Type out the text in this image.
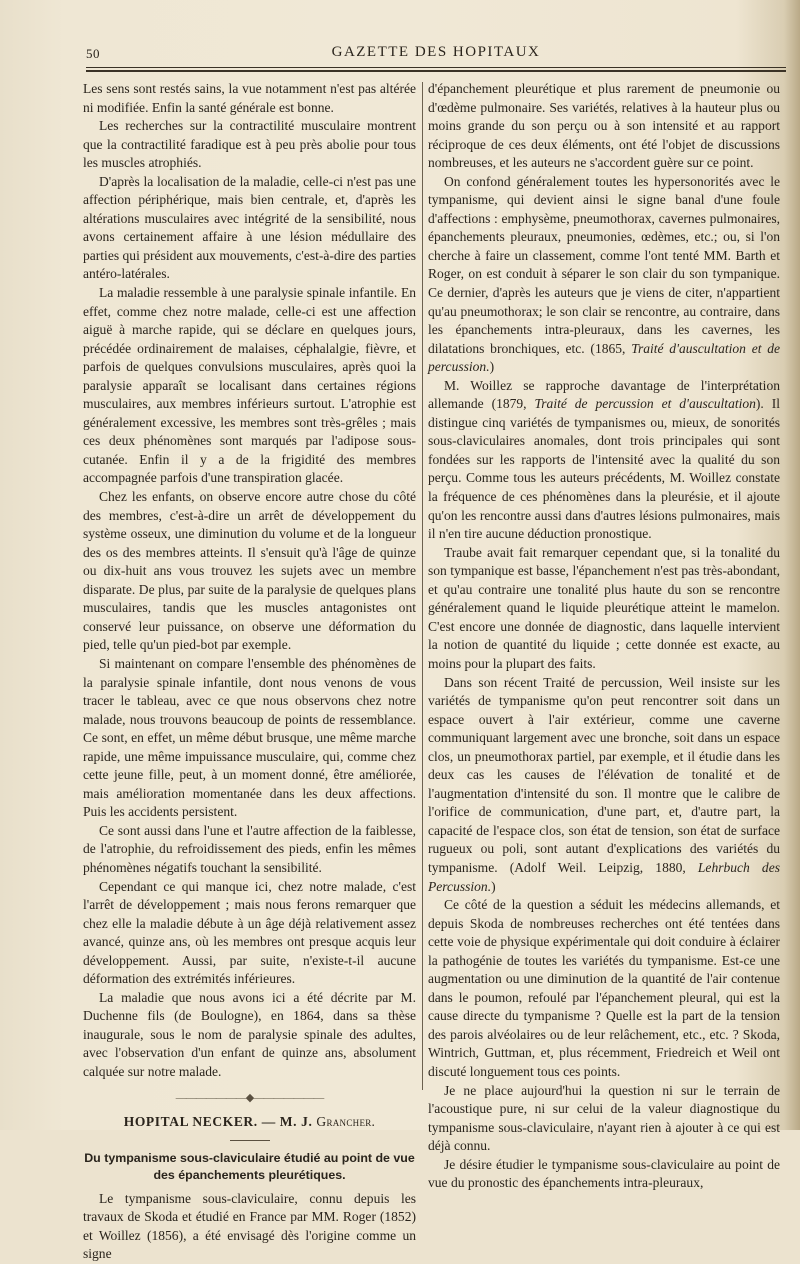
50	GAZETTE DES HOPITAUX

Les sens sont restés sains, la vue notamment n'est pas altérée ni modifiée. Enfin la santé générale est bonne.

Les recherches sur la contractilité musculaire montrent que la contractilité faradique est à peu près abolie pour tous les muscles atrophiés.

D'après la localisation de la maladie, celle-ci n'est pas une affection périphérique, mais bien centrale, et, d'après les altérations musculaires avec intégrité de la sensibilité, nous avons certainement affaire à une lésion médullaire des parties qui président aux mouvements, c'est-à-dire des parties antéro-latérales.

La maladie ressemble à une paralysie spinale infantile. En effet, comme chez notre malade, celle-ci est une affection aiguë à marche rapide, qui se déclare en quelques jours, précédée ordinairement de malaises, céphalalgie, fièvre, et parfois de quelques convulsions musculaires, après quoi la paralysie apparaît se localisant dans certaines régions musculaires, aux membres inférieurs surtout. L'atrophie est généralement excessive, les membres sont très-grêles ; mais ces deux phénomènes sont marqués par l'adipose sous-cutanée. Enfin il y a de la frigidité des membres accompagnée parfois d'une transpiration glacée.

Chez les enfants, on observe encore autre chose du côté des membres, c'est-à-dire un arrêt de développement du système osseux, une diminution du volume et de la longueur des os des membres atteints. Il s'ensuit qu'à l'âge de quinze ou dix-huit ans vous trouvez les sujets avec un membre disparate. De plus, par suite de la paralysie de quelques plans musculaires, tandis que les muscles antagonistes ont conservé leur puissance, on observe une déformation du pied, telle qu'un pied-bot par exemple.

Si maintenant on compare l'ensemble des phénomènes de la paralysie spinale infantile, dont nous venons de vous tracer le tableau, avec ce que nous observons chez notre malade, nous trouvons beaucoup de points de ressemblance. Ce sont, en effet, un même début brusque, une même marche rapide, une même impuissance musculaire, qui, comme chez cette jeune fille, peut, à un moment donné, être améliorée, mais amélioration momentanée dans les deux affections. Puis les accidents persistent.

Ce sont aussi dans l'une et l'autre affection de la faiblesse, de l'atrophie, du refroidissement des pieds, enfin les mêmes phénomènes négatifs touchant la sensibilité.

Cependant ce qui manque ici, chez notre malade, c'est l'arrêt de développement ; mais nous ferons remarquer que chez elle la maladie débute à un âge déjà relativement assez avancé, quinze ans, où les membres ont presque acquis leur développement. Aussi, par suite, n'existe-t-il aucune déformation des extrémités inférieures.

La maladie que nous avons ici a été décrite par M. Duchenne fils (de Boulogne), en 1864, dans sa thèse inaugurale, sous le nom de paralysie spinale des adultes, avec l'observation d'un enfant de quinze ans, absolument calquée sur notre malade.

———————◆———————
HOPITAL NECKER. — M. J. Grancher.
Du tympanisme sous-claviculaire étudié au point de vue des épanchements pleurétiques.

Le tympanisme sous-claviculaire, connu depuis les travaux de Skoda et étudié en France par MM. Roger (1852) et Woillez (1856), a été envisagé dès l'origine comme un signe

d'épanchement pleurétique et plus rarement de pneumonie ou d'œdème pulmonaire. Ses variétés, relatives à la hauteur plus ou moins grande du son perçu ou à son intensité et au rapport réciproque de ces deux éléments, ont été l'objet de discussions nombreuses, et les auteurs ne s'accordent guère sur ce point.

On confond généralement toutes les hypersonorités avec le tympanisme, qui devient ainsi le signe banal d'une foule d'affections : emphysème, pneumothorax, cavernes pulmonaires, épanchements pleuraux, pneumonies, œdèmes, etc.; ou, si l'on cherche à faire un classement, comme l'ont tenté MM. Barth et Roger, on est conduit à séparer le son clair du son tympanique. Ce dernier, d'après les auteurs que je viens de citer, n'appartient qu'au pneumothorax; le son clair se rencontre, au contraire, dans les épanchements intra-pleuraux, dans les cavernes, les dilatations bronchiques, etc. (1865, Traité d'auscultation et de percussion.)

M. Woillez se rapproche davantage de l'interprétation allemande (1879, Traité de percussion et d'auscultation). Il distingue cinq variétés de tympanismes ou, mieux, de sonorités sous-claviculaires anomales, dont trois principales qui sont fondées sur les rapports de l'intensité avec la qualité du son perçu. Comme tous les auteurs précédents, M. Woillez constate la fréquence de ces phénomènes dans la pleurésie, et il ajoute qu'on les rencontre aussi dans d'autres lésions pulmonaires, mais il n'en tire aucune déduction pronostique.

Traube avait fait remarquer cependant que, si la tonalité du son tympanique est basse, l'épanchement n'est pas très-abondant, et qu'au contraire une tonalité plus haute du son se rencontre généralement quand le liquide pleurétique atteint le mamelon. C'est encore une donnée de diagnostic, dans laquelle intervient la notion de quantité du liquide ; cette donnée est exacte, au moins pour la plupart des faits.

Dans son récent Traité de percussion, Weil insiste sur les variétés de tympanisme qu'on peut rencontrer soit dans un espace ouvert à l'air extérieur, comme une caverne communiquant largement avec une bronche, soit dans un espace clos, un pneumothorax partiel, par exemple, et il étudie dans les deux cas les causes de l'élévation de tonalité et de l'augmentation d'intensité du son. Il montre que le calibre de l'orifice de communication, d'une part, et, d'autre part, la capacité de l'espace clos, son état de tension, son état de surface rugueux ou poli, sont autant d'explications des variétés du tympanisme. (Adolf Weil. Leipzig, 1880, Lehrbuch des Percussion.)

Ce côté de la question a séduit les médecins allemands, et depuis Skoda de nombreuses recherches ont été tentées dans cette voie de physique expérimentale qui doit conduire à éclairer la pathogénie de toutes les variétés du tympanisme. Est-ce une augmentation ou une diminution de la quantité de l'air contenue dans le poumon, refoulé par l'épanchement pleural, qui est la cause directe du tympanisme ? Quelle est la part de la tension des parois alvéolaires ou de leur relâchement, etc., etc. ? Skoda, Wintrich, Guttman, et, plus récemment, Friedreich et Weil ont discuté longuement tous ces points.

Je ne place aujourd'hui la question ni sur le terrain de l'acoustique pure, ni sur celui de la valeur diagnostique du tympanisme sous-claviculaire, n'ayant rien à ajouter à ce qui est déjà connu.

Je désire étudier le tympanisme sous-claviculaire au point de vue du pronostic des épanchements intra-pleuraux,
